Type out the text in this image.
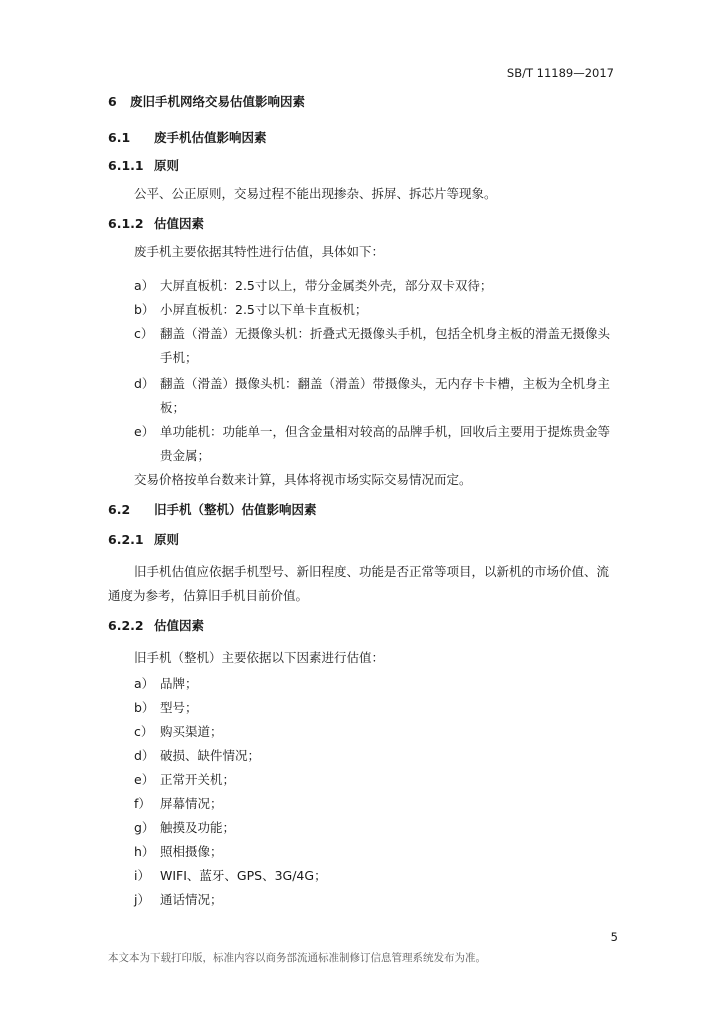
SB/T 11189—2017
6 废旧手机网络交易估值影响因素
6.1 废手机估值影响因素
6.1.1 原则
公平、公正原则，交易过程不能出现掺杂、拆屏、拆芯片等现象。
6.1.2 估值因素
废手机主要依据其特性进行估值，具体如下：
a） 大屏直板机：2.5寸以上，带分金属类外壳，部分双卡双待；
b） 小屏直板机：2.5寸以下单卡直板机；
c） 翻盖（滑盖）无摄像头机：折叠式无摄像头手机，包括全机身主板的滑盖无摄像头
手机；
d） 翻盖（滑盖）摄像头机：翻盖（滑盖）带摄像头，无内存卡卡槽，主板为全机身主
板；
e） 单功能机：功能单一，但含金量相对较高的品牌手机，回收后主要用于提炼贵金等
贵金属；
交易价格按单台数来计算，具体将视市场实际交易情况而定。
6.2 旧手机（整机）估值影响因素
6.2.1 原则
旧手机估值应依据手机型号、新旧程度、功能是否正常等项目，以新机的市场价值、流
通度为参考，估算旧手机目前价值。
6.2.2 估值因素
旧手机（整机）主要依据以下因素进行估值：
a） 品牌；
b） 型号；
c） 购买渠道；
d） 破损、缺件情况；
e） 正常开关机；
f） 屏幕情况；
g） 触摸及功能；
h） 照相摄像；
i） WIFI、蓝牙、GPS、3G/4G；
j） 通话情况；
5
本文本为下载打印版，标准内容以商务部流通标准制修订信息管理系统发布为准。
